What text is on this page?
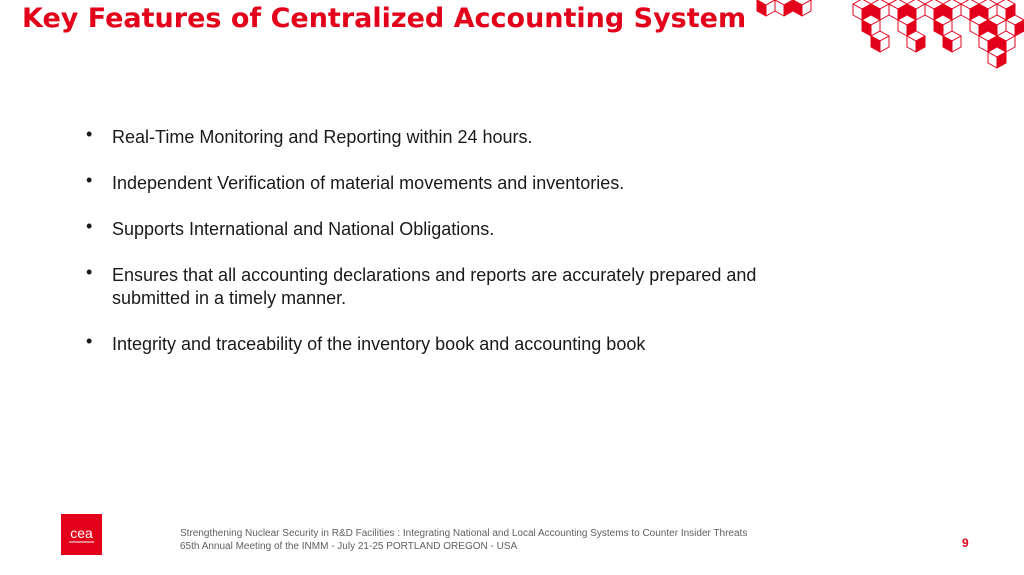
Key Features of Centralized Accounting System
• Real-Time Monitoring and Reporting within 24 hours.
• Independent Verification of material movements and inventories.
• Supports International and National Obligations.
• Ensures that all accounting declarations and reports are accurately prepared and submitted in a timely manner.
• Integrity and traceability of the inventory book and accounting book
cea	Strengthening Nuclear Security in R&D Facilities : Integrating National and Local Accounting Systems to Counter Insider Threats
65th Annual Meeting of the INMM - July 21-25 PORTLAND OREGON - USA	9
